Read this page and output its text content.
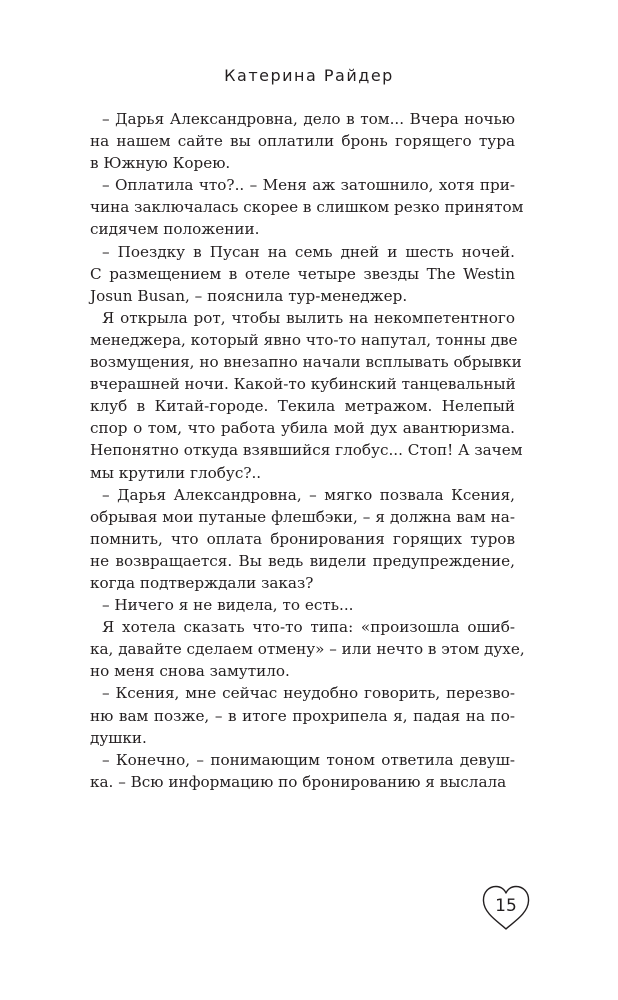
Катерина Райдер
– Дарья Александровна, дело в том... Вчера ночью
на нашем сайте вы оплатили бронь горящего тура
в Южную Корею.
– Оплатила что?.. – Меня аж затошнило, хотя при-
чина заключалась скорее в слишком резко принятом
сидячем положении.
– Поездку в Пусан на семь дней и шесть ночей.
С размещением в отеле четыре звезды The Westin
Josun Busan, – пояснила тур-менеджер.
Я открыла рот, чтобы вылить на некомпетентного
менеджера, который явно что-то напутал, тонны две
возмущения, но внезапно начали всплывать обрывки
вчерашней ночи. Какой-то кубинский танцевальный
клуб в Китай-городе. Текила метражом. Нелепый
спор о том, что работа убила мой дух авантюризма.
Непонятно откуда взявшийся глобус... Стоп! А зачем
мы крутили глобус?..
– Дарья Александровна, – мягко позвала Ксения,
обрывая мои путаные флешбэки, – я должна вам на-
помнить, что оплата бронирования горящих туров
не возвращается. Вы ведь видели предупреждение,
когда подтверждали заказ?
– Ничего я не видела, то есть...
Я хотела сказать что-то типа: «произошла ошиб-
ка, давайте сделаем отмену» – или нечто в этом духе,
но меня снова замутило.
– Ксения, мне сейчас неудобно говорить, перезво-
ню вам позже, – в итоге прохрипела я, падая на по-
душки.
– Конечно, – понимающим тоном ответила девуш-
ка. – Всю информацию по бронированию я выслала
15
